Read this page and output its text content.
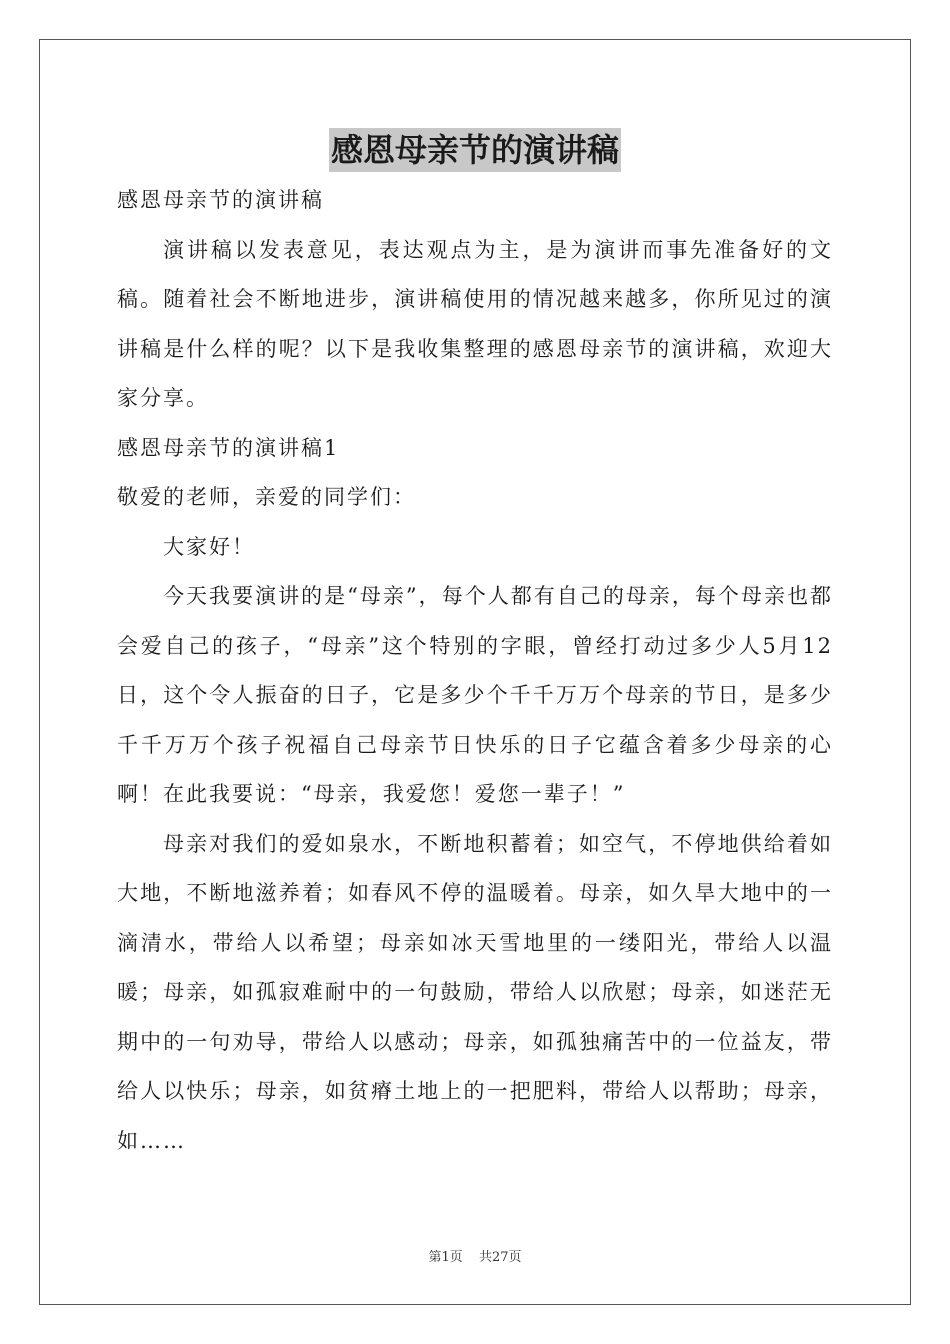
感恩母亲节的演讲稿

感恩母亲节的演讲稿

演讲稿以发表意见，表达观点为主，是为演讲而事先准备好的文稿。随着社会不断地进步，演讲稿使用的情况越来越多，你所见过的演讲稿是什么样的呢？以下是我收集整理的感恩母亲节的演讲稿，欢迎大家分享。

感恩母亲节的演讲稿1

敬爱的老师，亲爱的同学们：

大家好！

今天我要演讲的是“母亲”，每个人都有自己的母亲，每个母亲也都会爱自己的孩子，“母亲”这个特别的字眼，曾经打动过多少人5月12日，这个令人振奋的日子，它是多少个千千万万个母亲的节日，是多少千千万万个孩子祝福自己母亲节日快乐的日子它蕴含着多少母亲的心啊！在此我要说：“母亲，我爱您！爱您一辈子！”

母亲对我们的爱如泉水，不断地积蓄着；如空气，不停地供给着如大地，不断地滋养着；如春风不停的温暖着。母亲，如久旱大地中的一滴清水，带给人以希望；母亲如冰天雪地里的一缕阳光，带给人以温暖；母亲，如孤寂难耐中的一句鼓励，带给人以欣慰；母亲，如迷茫无期中的一句劝导，带给人以感动；母亲，如孤独痛苦中的一位益友，带给人以快乐；母亲，如贫瘠土地上的一把肥料，带给人以帮助；母亲，如……

第1页 共27页
